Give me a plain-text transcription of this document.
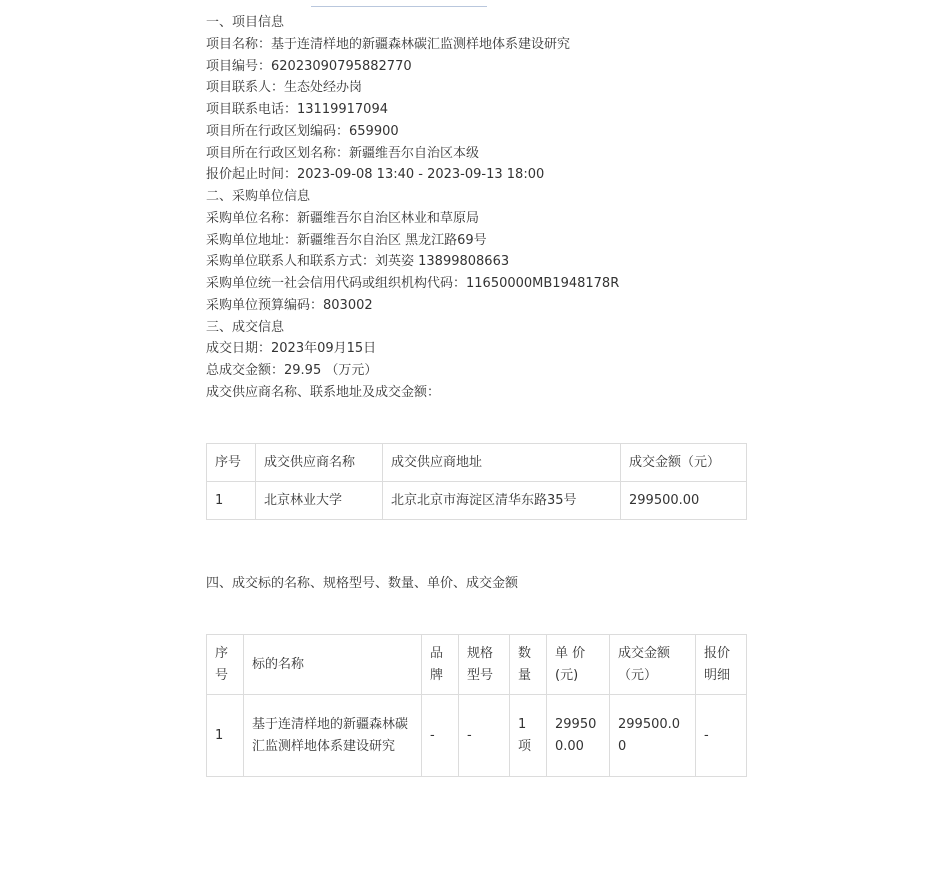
一、项目信息
项目名称：基于连清样地的新疆森林碳汇监测样地体系建设研究
项目编号：62023090795882770
项目联系人：生态处经办岗
项目联系电话：13119917094
项目所在行政区划编码：659900
项目所在行政区划名称：新疆维吾尔自治区本级
报价起止时间：2023-09-08 13:40 - 2023-09-13 18:00
二、采购单位信息
采购单位名称：新疆维吾尔自治区林业和草原局
采购单位地址：新疆维吾尔自治区 黑龙江路69号
采购单位联系人和联系方式：刘英姿 13899808663
采购单位统一社会信用代码或组织机构代码：11650000MB1948178R
采购单位预算编码：803002
三、成交信息
成交日期：2023年09月15日
总成交金额：29.95 （万元）
成交供应商名称、联系地址及成交金额：
序号	成交供应商名称	成交供应商地址	成交金额（元）
1	北京林业大学	北京北京市海淀区清华东路35号	299500.00
四、成交标的名称、规格型号、数量、单价、成交金额
序号	标的名称	品牌	规格型号	数量	单 价(元)	成交金额（元）	报价明细
1	基于连清样地的新疆森林碳汇监测样地体系建设研究	-	-	1项	299500.00	299500.00	-
